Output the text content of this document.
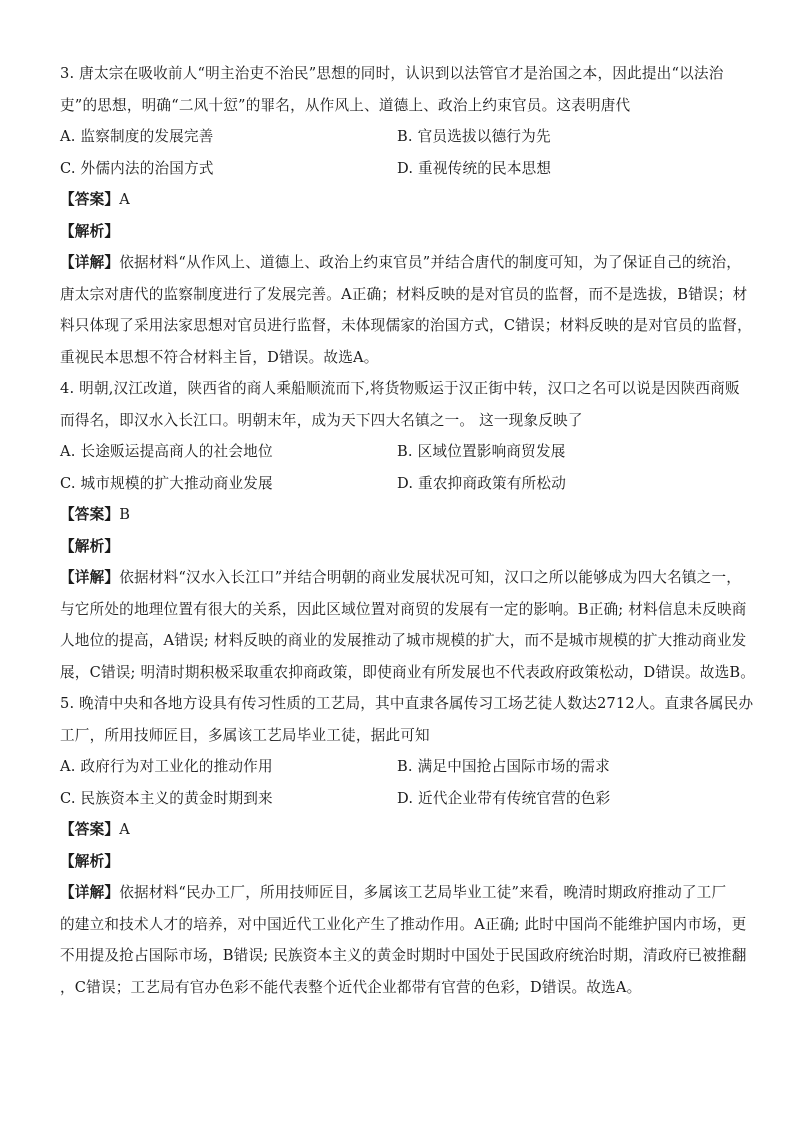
3. 唐太宗在吸收前人“明主治吏不治民”思想的同时，认识到以法管官才是治国之本，因此提出“以法治
吏”的思想，明确“二风十愆”的罪名，从作风上、道德上、政治上约束官员。这表明唐代
A. 监察制度的发展完善	B. 官员选拔以德行为先
C. 外儒内法的治国方式	D. 重视传统的民本思想
【答案】A
【解析】
【详解】依据材料“从作风上、道德上、政治上约束官员”并结合唐代的制度可知，为了保证自己的统治，
唐太宗对唐代的监察制度进行了发展完善。A正确；材料反映的是对官员的监督，而不是选拔，B错误；材
料只体现了采用法家思想对官员进行监督，未体现儒家的治国方式，C错误；材料反映的是对官员的监督，
重视民本思想不符合材料主旨，D错误。故选A。
4. 明朝,汉江改道，陕西省的商人乘船顺流而下,将货物贩运于汉正街中转，汉口之名可以说是因陕西商贩
而得名，即汉水入长江口。明朝末年，成为天下四大名镇之一。 这一现象反映了
A. 长途贩运提高商人的社会地位	B. 区域位置影响商贸发展
C. 城市规模的扩大推动商业发展	D. 重农抑商政策有所松动
【答案】B
【解析】
【详解】依据材料“汉水入长江口”并结合明朝的商业发展状况可知，汉口之所以能够成为四大名镇之一，
与它所处的地理位置有很大的关系，因此区域位置对商贸的发展有一定的影响。B正确; 材料信息未反映商
人地位的提高，A错误; 材料反映的商业的发展推动了城市规模的扩大，而不是城市规模的扩大推动商业发
展，C错误; 明清时期积极采取重农抑商政策，即使商业有所发展也不代表政府政策松动，D错误。故选B。
5. 晚清中央和各地方设具有传习性质的工艺局，其中直隶各属传习工场艺徒人数达2712人。直隶各属民办
工厂，所用技师匠目，多属该工艺局毕业工徒，据此可知
A. 政府行为对工业化的推动作用	B. 满足中国抢占国际市场的需求
C. 民族资本主义的黄金时期到来	D. 近代企业带有传统官营的色彩
【答案】A
【解析】
【详解】依据材料“民办工厂，所用技师匠目，多属该工艺局毕业工徒”来看，晚清时期政府推动了工厂
的建立和技术人才的培养，对中国近代工业化产生了推动作用。A正确; 此时中国尚不能维护国内市场，更
不用提及抢占国际市场，B错误; 民族资本主义的黄金时期时中国处于民国政府统治时期，清政府已被推翻
，C错误；工艺局有官办色彩不能代表整个近代企业都带有官营的色彩，D错误。故选A。
